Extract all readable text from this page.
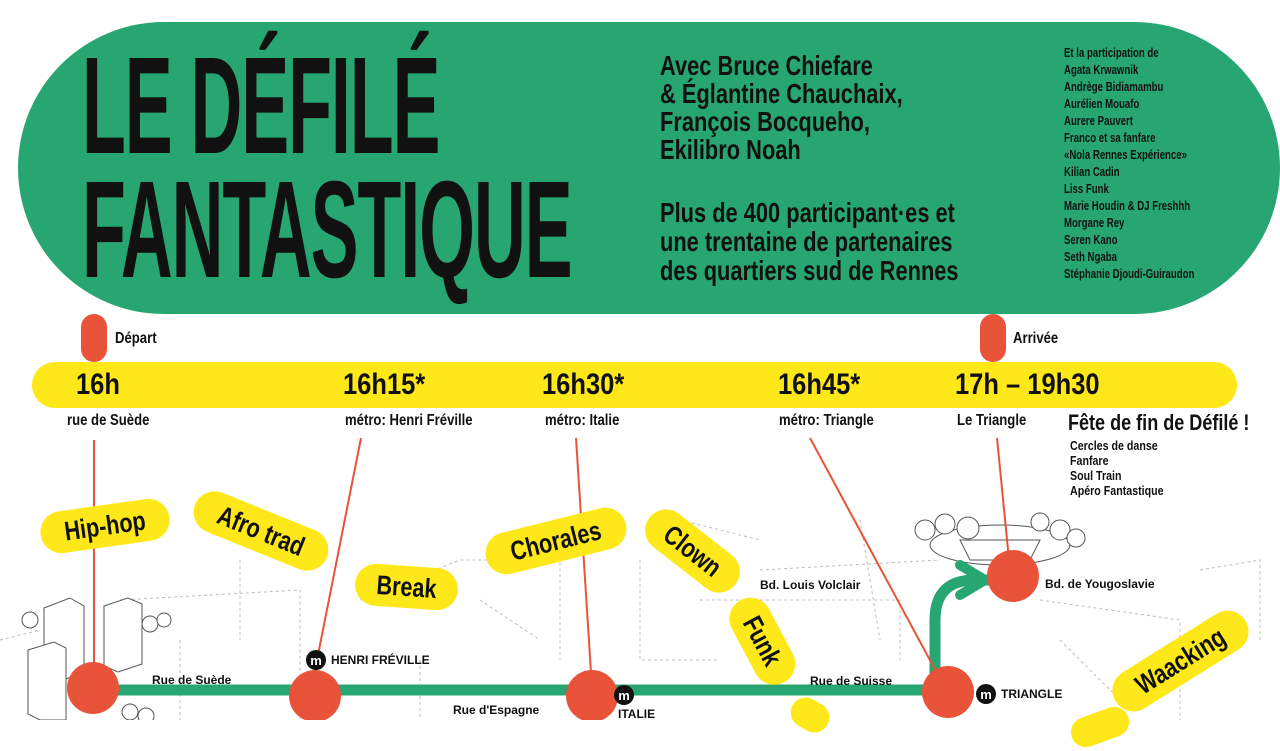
LE DÉFILÉ
FANTASTIQUE
Avec Bruce Chiefare
& Églantine Chauchaix,
François Bocqueho,
Ekilibro Noah
Plus de 400 participant·es et
une trentaine de partenaires
des quartiers sud de Rennes
Et la participation de
Agata Krwawnik
Andrège Bidiamambu
Aurélien Mouafo
Aurere Pauvert
Franco et sa fanfare
«Nola Rennes Expérience»
Kilian Cadin
Liss Funk
Marie Houdin & DJ Freshhh
Morgane Rey
Seren Kano
Seth Ngaba
Stéphanie Djoudi-Guiraudon
Départ	Arrivée
16h	16h15*	16h30*	16h45*	17h – 19h30
rue de Suède	métro: Henri Fréville	métro: Italie	métro: Triangle	Le Triangle Fête de fin de Défilé !
Cercles de danse
Fanfare
Soul Train
Apéro Fantastique
Hip-hop	Afro trad
Break
Chorales	Clown
Funk	Waacking
Rue de Suède
Rue d'Espagne
Bd. Louis Volclair
Rue de Suisse
Bd. de Yougoslavie
m HENRI FRÉVILLE
m
ITALIE
m TRIANGLE
